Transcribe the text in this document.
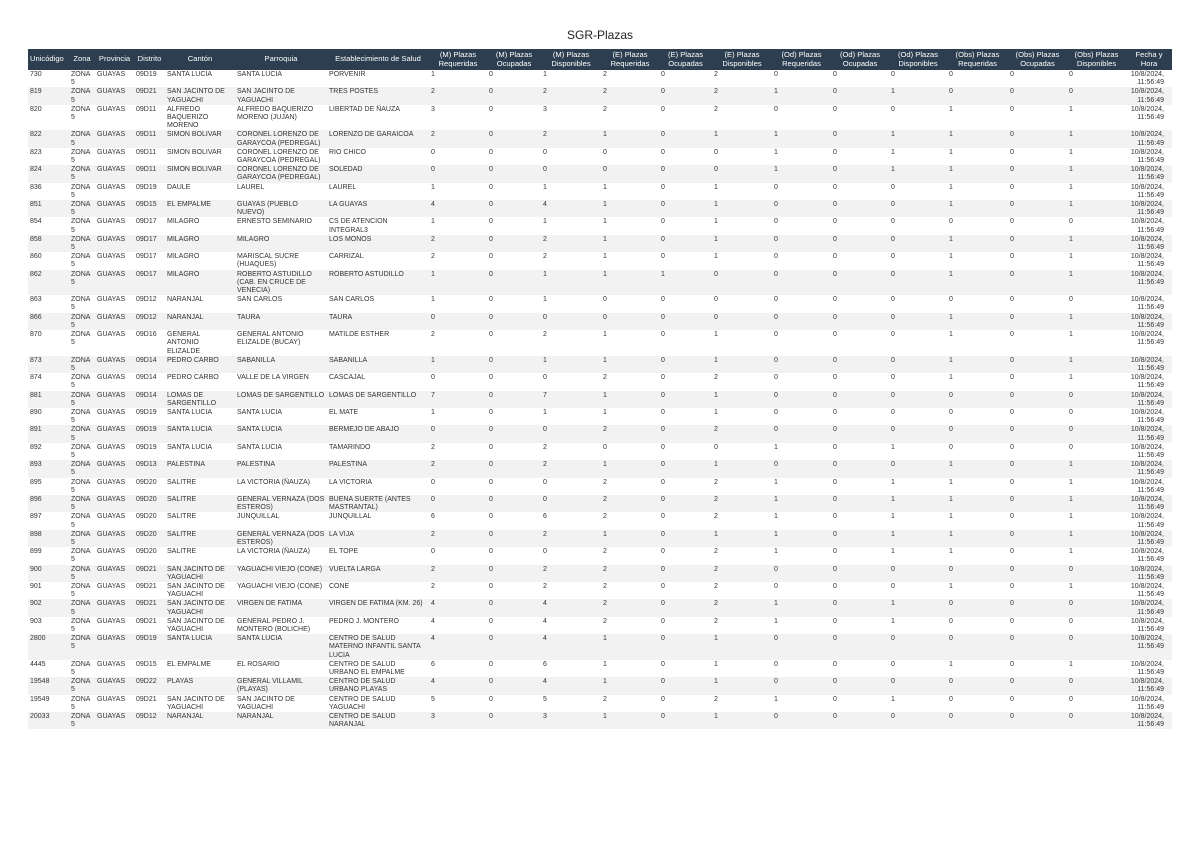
SGR-Plazas
Unicódigo	Zona	Provincia	Distrito	Cantón	Parroquia	Establecimiento de Salud	(M) Plazas Requeridas	(M) Plazas Ocupadas	(M) Plazas Disponibles	(E) Plazas Requeridas	(E) Plazas Ocupadas	(E) Plazas Disponibles	(Od) Plazas Requeridas	(Od) Plazas Ocupadas	(Od) Plazas Disponibles	(Obs) Plazas Requeridas	(Obs) Plazas Ocupadas	(Obs) Plazas Disponibles	Fecha y Hora
730	ZONA 5	GUAYAS	09D19	SANTA LUCIA	SANTA LUCIA	PORVENIR	1	0	1	2	0	2	0	0	0	0	0	0	10/8/2024, 11:56:49
819	ZONA 5	GUAYAS	09D21	SAN JACINTO DE YAGUACHI	SAN JACINTO DE YAGUACHI	TRES POSTES	2	0	2	2	0	2	1	0	1	0	0	0	10/8/2024, 11:56:49
820	ZONA 5	GUAYAS	09D11	ALFREDO BAQUERIZO MORENO	ALFREDO BAQUERIZO MORENO (JUJAN)	LIBERTAD DE ÑAUZA	3	0	3	2	0	2	0	0	0	1	0	1	10/8/2024, 11:56:49
822	ZONA 5	GUAYAS	09D11	SIMON BOLIVAR	CORONEL LORENZO DE GARAYCOA (PEDREGAL)	LORENZO DE GARAICOA	2	0	2	1	0	1	1	0	1	1	0	1	10/8/2024, 11:56:49
823	ZONA 5	GUAYAS	09D11	SIMON BOLIVAR	CORONEL LORENZO DE GARAYCOA (PEDREGAL)	RIO CHICO	0	0	0	0	0	0	1	0	1	1	0	1	10/8/2024, 11:56:49
824	ZONA 5	GUAYAS	09D11	SIMON BOLIVAR	CORONEL LORENZO DE GARAYCOA (PEDREGAL)	SOLEDAD	0	0	0	0	0	0	1	0	1	1	0	1	10/8/2024, 11:56:49
836	ZONA 5	GUAYAS	09D19	DAULE	LAUREL	LAUREL	1	0	1	1	0	1	0	0	0	1	0	1	10/8/2024, 11:56:49
851	ZONA 5	GUAYAS	09D15	EL EMPALME	GUAYAS (PUEBLO NUEVO)	LA GUAYAS	4	0	4	1	0	1	0	0	0	1	0	1	10/8/2024, 11:56:49
854	ZONA 5	GUAYAS	09D17	MILAGRO	ERNESTO SEMINARIO	CS DE ATENCION INTEGRAL3	1	0	1	1	0	1	0	0	0	0	0	0	10/8/2024, 11:56:49
858	ZONA 5	GUAYAS	09D17	MILAGRO	MILAGRO	LOS MONOS	2	0	2	1	0	1	0	0	0	1	0	1	10/8/2024, 11:56:49
860	ZONA 5	GUAYAS	09D17	MILAGRO	MARISCAL SUCRE (HUAQUES)	CARRIZAL	2	0	2	1	0	1	0	0	0	1	0	1	10/8/2024, 11:56:49
862	ZONA 5	GUAYAS	09D17	MILAGRO	ROBERTO ASTUDILLO (CAB. EN CRUCE DE VENECIA)	ROBERTO ASTUDILLO	1	0	1	1	1	0	0	0	0	1	0	1	10/8/2024, 11:56:49
863	ZONA 5	GUAYAS	09D12	NARANJAL	SAN CARLOS	SAN CARLOS	1	0	1	0	0	0	0	0	0	0	0	0	10/8/2024, 11:56:49
866	ZONA 5	GUAYAS	09D12	NARANJAL	TAURA	TAURA	0	0	0	0	0	0	0	0	0	1	0	1	10/8/2024, 11:56:49
870	ZONA 5	GUAYAS	09D16	GENERAL ANTONIO ELIZALDE	GENERAL ANTONIO ELIZALDE (BUCAY)	MATILDE ESTHER	2	0	2	1	0	1	0	0	0	1	0	1	10/8/2024, 11:56:49
873	ZONA 5	GUAYAS	09D14	PEDRO CARBO	SABANILLA	SABANILLA	1	0	1	1	0	1	0	0	0	1	0	1	10/8/2024, 11:56:49
874	ZONA 5	GUAYAS	09D14	PEDRO CARBO	VALLE DE LA VIRGEN	CASCAJAL	0	0	0	2	0	2	0	0	0	1	0	1	10/8/2024, 11:56:49
881	ZONA 5	GUAYAS	09D14	LOMAS DE SARGENTILLO	LOMAS DE SARGENTILLO	LOMAS DE SARGENTILLO	7	0	7	1	0	1	0	0	0	0	0	0	10/8/2024, 11:56:49
890	ZONA 5	GUAYAS	09D19	SANTA LUCIA	SANTA LUCIA	EL MATE	1	0	1	1	0	1	0	0	0	0	0	0	10/8/2024, 11:56:49
891	ZONA 5	GUAYAS	09D19	SANTA LUCIA	SANTA LUCIA	BERMEJO DE ABAJO	0	0	0	2	0	2	0	0	0	0	0	0	10/8/2024, 11:56:49
892	ZONA 5	GUAYAS	09D19	SANTA LUCIA	SANTA LUCIA	TAMARINDO	2	0	2	0	0	0	1	0	1	0	0	0	10/8/2024, 11:56:49
893	ZONA 5	GUAYAS	09D13	PALESTINA	PALESTINA	PALESTINA	2	0	2	1	0	1	0	0	0	1	0	1	10/8/2024, 11:56:49
895	ZONA 5	GUAYAS	09D20	SALITRE	LA VICTORIA (ÑAUZA)	LA VICTORIA	0	0	0	2	0	2	1	0	1	1	0	1	10/8/2024, 11:56:49
896	ZONA 5	GUAYAS	09D20	SALITRE	GENERAL VERNAZA (DOS ESTEROS)	BUENA SUERTE (ANTES MASTRANTAL)	0	0	0	2	0	2	1	0	1	1	0	1	10/8/2024, 11:56:49
897	ZONA 5	GUAYAS	09D20	SALITRE	JUNQUILLAL	JUNQUILLAL	6	0	6	2	0	2	1	0	1	1	0	1	10/8/2024, 11:56:49
898	ZONA 5	GUAYAS	09D20	SALITRE	GENERAL VERNAZA (DOS ESTEROS)	LA VIJA	2	0	2	1	0	1	1	0	1	1	0	1	10/8/2024, 11:56:49
899	ZONA 5	GUAYAS	09D20	SALITRE	LA VICTORIA (ÑAUZA)	EL TOPE	0	0	0	2	0	2	1	0	1	1	0	1	10/8/2024, 11:56:49
900	ZONA 5	GUAYAS	09D21	SAN JACINTO DE YAGUACHI	YAGUACHI VIEJO (CONE)	VUELTA LARGA	2	0	2	2	0	2	0	0	0	0	0	0	10/8/2024, 11:56:49
901	ZONA 5	GUAYAS	09D21	SAN JACINTO DE YAGUACHI	YAGUACHI VIEJO (CONE)	CONE	2	0	2	2	0	2	0	0	0	1	0	1	10/8/2024, 11:56:49
902	ZONA 5	GUAYAS	09D21	SAN JACINTO DE YAGUACHI	VIRGEN DE FATIMA	VIRGEN DE FATIMA (KM. 26)	4	0	4	2	0	2	1	0	1	0	0	0	10/8/2024, 11:56:49
903	ZONA 5	GUAYAS	09D21	SAN JACINTO DE YAGUACHI	GENERAL PEDRO J. MONTERO (BOLICHE)	PEDRO J. MONTERO	4	0	4	2	0	2	1	0	1	0	0	0	10/8/2024, 11:56:49
2800	ZONA 5	GUAYAS	09D19	SANTA LUCIA	SANTA LUCIA	CENTRO DE SALUD MATERNO INFANTIL SANTA LUCIA	4	0	4	1	0	1	0	0	0	0	0	0	10/8/2024, 11:56:49
4445	ZONA 5	GUAYAS	09D15	EL EMPALME	EL ROSARIO	CENTRO DE SALUD URBANO EL EMPALME	6	0	6	1	0	1	0	0	0	1	0	1	10/8/2024, 11:56:49
19548	ZONA 5	GUAYAS	09D22	PLAYAS	GENERAL VILLAMIL (PLAYAS)	CENTRO DE SALUD URBANO PLAYAS	4	0	4	1	0	1	0	0	0	0	0	0	10/8/2024, 11:56:49
19549	ZONA 5	GUAYAS	09D21	SAN JACINTO DE YAGUACHI	SAN JACINTO DE YAGUACHI	CENTRO DE SALUD YAGUACHI	5	0	5	2	0	2	1	0	1	0	0	0	10/8/2024, 11:56:49
20033	ZONA 5	GUAYAS	09D12	NARANJAL	NARANJAL	CENTRO DE SALUD NARANJAL	3	0	3	1	0	1	0	0	0	0	0	0	10/8/2024, 11:56:49
